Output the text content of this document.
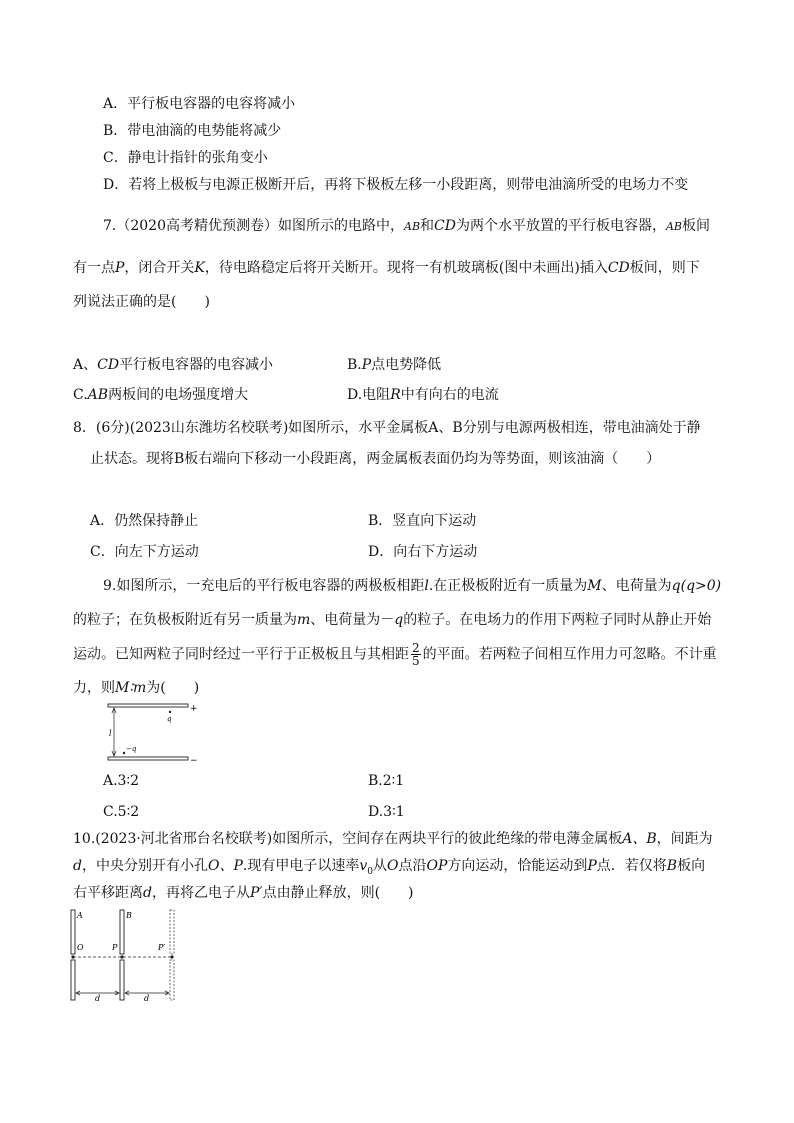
A．平行板电容器的电容将减小
B．带电油滴的电势能将减少
C．静电计指针的张角变小
D．若将上极板与电源正极断开后，再将下极板左移一小段距离，则带电油滴所受的电场力不变
7.（2020高考精优预测卷）如图所示的电路中，AB和CD为两个水平放置的平行板电容器，AB板间
有一点P，闭合开关K，待电路稳定后将开关断开。现将一有机玻璃板(图中未画出)插入CD板间，则下
列说法正确的是(　　)
A、CD平行板电容器的电容减小	B.P点电势降低
C.AB两板间的电场强度增大	D.电阻R中有向右的电流
8．(6分)(2023山东潍坊名校联考)如图所示，水平金属板A、B分别与电源两极相连，带电油滴处于静
止状态。现将B板右端向下移动一小段距离，两金属板表面仍均为等势面，则该油滴（　　）
A．仍然保持静止	B．竖直向下运动
C．向左下方运动	D．向右下方运动
9.如图所示，一充电后的平行板电容器的两极板相距l.在正极板附近有一质量为M、电荷量为q(q>0)
的粒子；在负极板附近有另一质量为m、电荷量为－q的粒子。在电场力的作用下两粒子同时从静止开始
运动。已知两粒子同时经过一平行于正极板且与其相距 $\frac{2}{5}$ 的平面。若两粒子间相互作用力可忽略。不计重
力，则M∶m为(　　)
+
−
q
l
−q
A.3∶2	B.2∶1
C.5∶2	D.3∶1
10.(2023·河北省邢台名校联考)如图所示，空间存在两块平行的彼此绝缘的带电薄金属板A、B，间距为
d，中央分别开有小孔O、P.现有甲电子以速率$v_0$从O点沿OP方向运动，恰能运动到P点．若仅将B板向
右平移距离d，再将乙电子从P′点由静止释放，则(　　)
A	B
O	P	P′
d	d
